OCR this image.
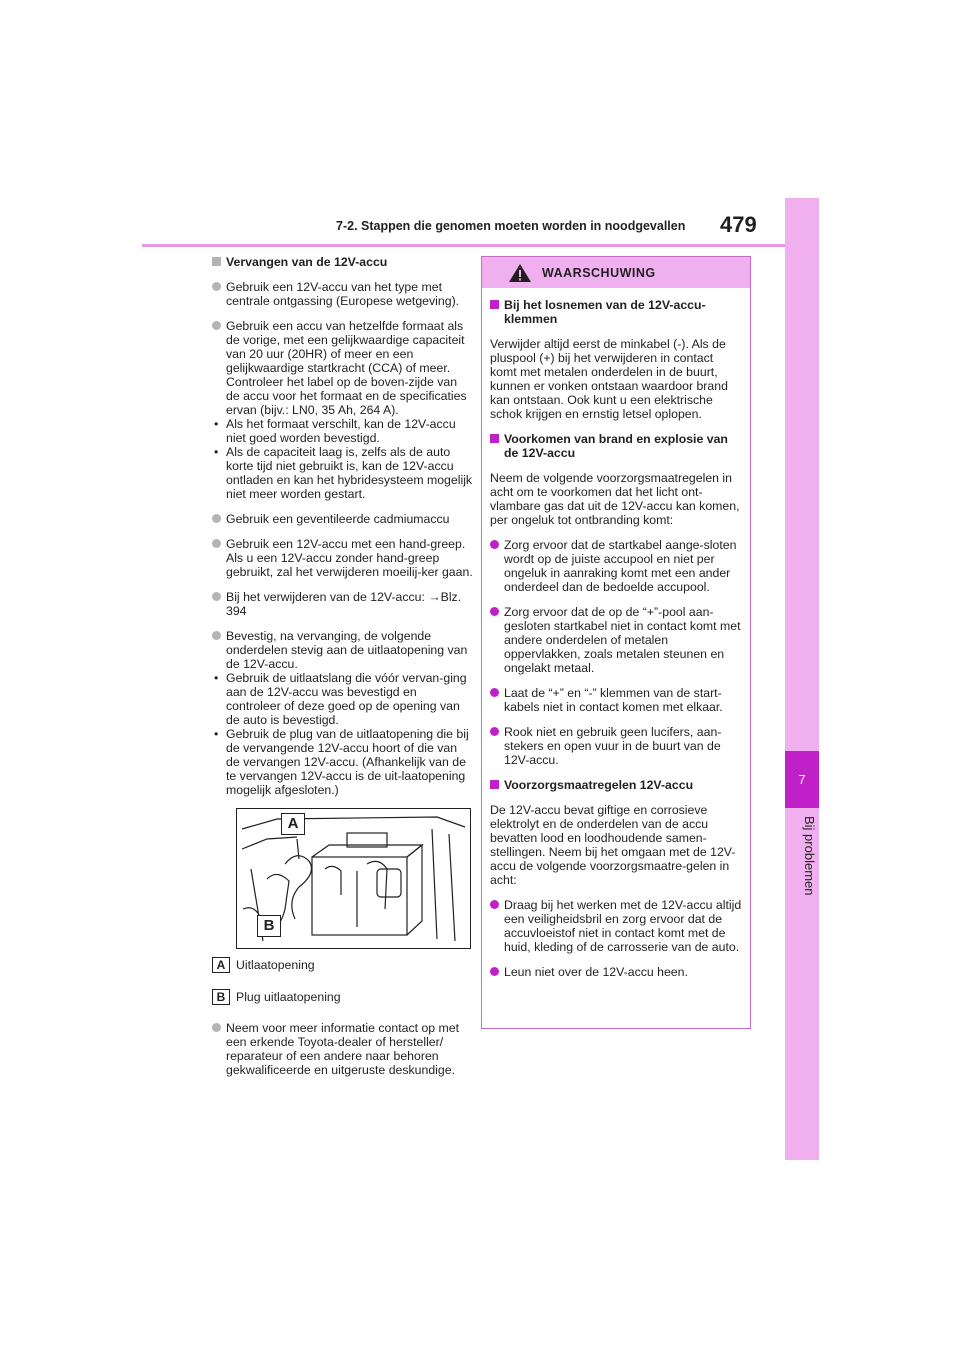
7-2. Stappen die genomen moeten worden in noodgevallen 479
7
Bij problemen
Vervangen van de 12V-accu
Gebruik een 12V-accu van het type met centrale ontgassing (Europese wetgeving).
Gebruik een accu van hetzelfde formaat als de vorige, met een gelijkwaardige capaciteit van 20 uur (20HR) of meer en een gelijkwaardige startkracht (CCA) of meer. Controleer het label op de boven-zijde van de accu voor het formaat en de specificaties ervan (bijv.: LN0, 35 Ah, 264 A).
• Als het formaat verschilt, kan de 12V-accu niet goed worden bevestigd.
• Als de capaciteit laag is, zelfs als de auto korte tijd niet gebruikt is, kan de 12V-accu ontladen en kan het hybridesysteem mogelijk niet meer worden gestart.
Gebruik een geventileerde cadmiumaccu
Gebruik een 12V-accu met een hand-greep. Als u een 12V-accu zonder hand-greep gebruikt, zal het verwijderen moeilij-ker gaan.
Bij het verwijderen van de 12V-accu: →Blz. 394
Bevestig, na vervanging, de volgende onderdelen stevig aan de uitlaatopening van de 12V-accu.
• Gebruik de uitlaatslang die vóór vervan-ging aan de 12V-accu was bevestigd en controleer of deze goed op de opening van de auto is bevestigd.
• Gebruik de plug van de uitlaatopening die bij de vervangende 12V-accu hoort of die van de vervangen 12V-accu. (Afhankelijk van de te vervangen 12V-accu is de uit-laatopening mogelijk afgesloten.)
A
B
A Uitlaatopening
B Plug uitlaatopening
Neem voor meer informatie contact op met een erkende Toyota-dealer of hersteller/ reparateur of een andere naar behoren gekwalificeerde en uitgeruste deskundige.
WAARSCHUWING
Bij het losnemen van de 12V-accu-klemmen

Verwijder altijd eerst de minkabel (-). Als de pluspool (+) bij het verwijderen in contact komt met metalen onderdelen in de buurt, kunnen er vonken ontstaan waardoor brand kan ontstaan. Ook kunt u een elektrische schok krijgen en ernstig letsel oplopen.

Voorkomen van brand en explosie van de 12V-accu

Neem de volgende voorzorgsmaatregelen in acht om te voorkomen dat het licht ont-vlambare gas dat uit de 12V-accu kan komen, per ongeluk tot ontbranding komt:

Zorg ervoor dat de startkabel aange-sloten wordt op de juiste accupool en niet per ongeluk in aanraking komt met een ander onderdeel dan de bedoelde accupool.
Zorg ervoor dat de op de “+”-pool aan-gesloten startkabel niet in contact komt met andere onderdelen of metalen oppervlakken, zoals metalen steunen en ongelakt metaal.
Laat de “+” en “-” klemmen van de start-kabels niet in contact komen met elkaar.
Rook niet en gebruik geen lucifers, aan-stekers en open vuur in de buurt van de 12V-accu.
Voorzorgsmaatregelen 12V-accu

De 12V-accu bevat giftige en corrosieve elektrolyt en de onderdelen van de accu bevatten lood en loodhoudende samen-stellingen. Neem bij het omgaan met de 12V-accu de volgende voorzorgsmaatre-gelen in acht:

Draag bij het werken met de 12V-accu altijd een veiligheidsbril en zorg ervoor dat de accuvloeistof niet in contact komt met de huid, kleding of de carrosserie van de auto.
Leun niet over de 12V-accu heen.
